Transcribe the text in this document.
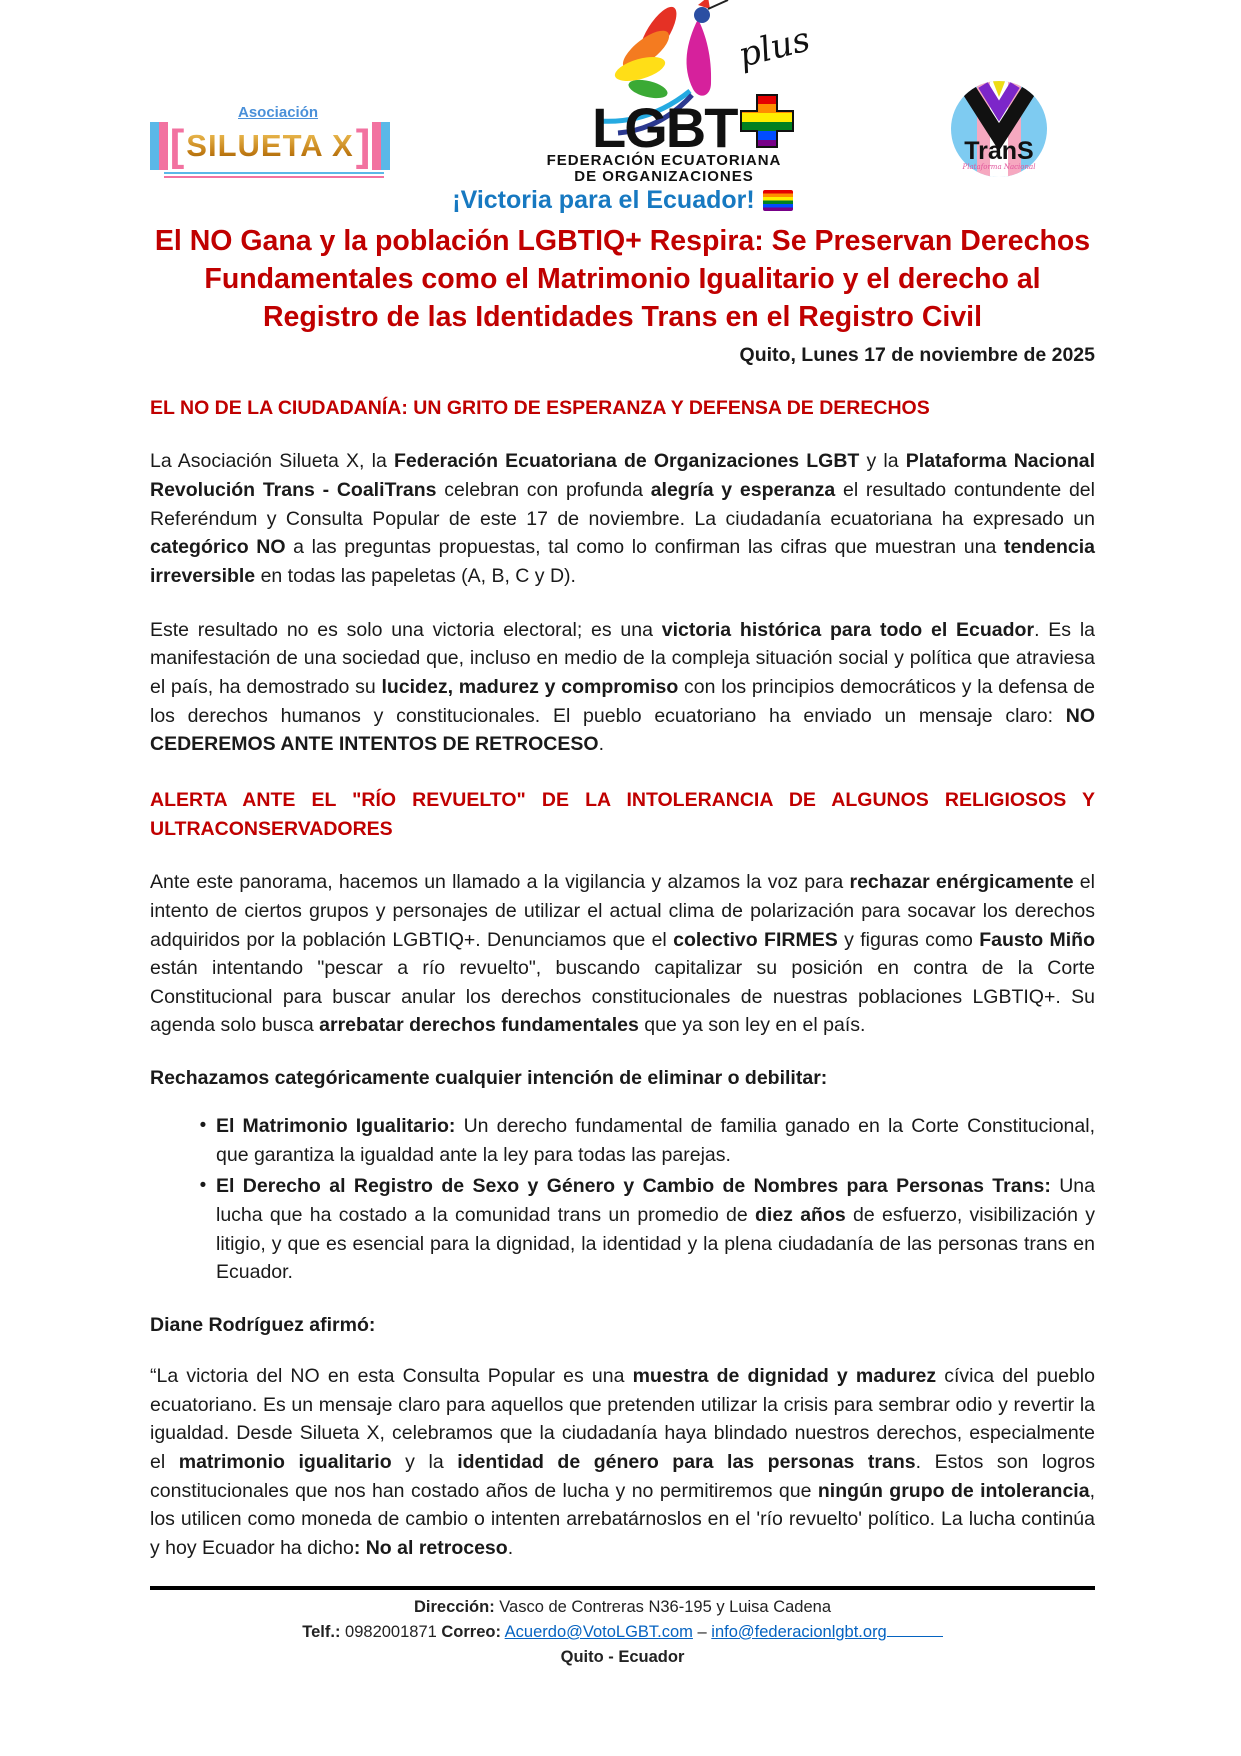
Asociación
[ SILUETA X ]	LGBT
plus
FEDERACIÓN ECUATORIANA
DE ORGANIZACIONES
TranS
Plataforma Nacional
¡Victoria para el Ecuador!
El NO Gana y la población LGBTIQ+ Respira: Se Preservan Derechos Fundamentales como el Matrimonio Igualitario y el derecho al Registro de las Identidades Trans en el Registro Civil
Quito, Lunes 17 de noviembre de 2025
EL NO DE LA CIUDADANÍA: UN GRITO DE ESPERANZA Y DEFENSA DE DERECHOS

La Asociación Silueta X, la Federación Ecuatoriana de Organizaciones LGBT y la Plataforma Nacional Revolución Trans - CoaliTrans celebran con profunda alegría y esperanza el resultado contundente del Referéndum y Consulta Popular de este 17 de noviembre. La ciudadanía ecuatoriana ha expresado un categórico NO a las preguntas propuestas, tal como lo confirman las cifras que muestran una tendencia irreversible en todas las papeletas (A, B, C y D).

Este resultado no es solo una victoria electoral; es una victoria histórica para todo el Ecuador. Es la manifestación de una sociedad que, incluso en medio de la compleja situación social y política que atraviesa el país, ha demostrado su lucidez, madurez y compromiso con los principios democráticos y la defensa de los derechos humanos y constitucionales. El pueblo ecuatoriano ha enviado un mensaje claro: NO CEDEREMOS ANTE INTENTOS DE RETROCESO.

ALERTA ANTE EL "RÍO REVUELTO" DE LA INTOLERANCIA DE ALGUNOS RELIGIOSOS Y ULTRACONSERVADORES

Ante este panorama, hacemos un llamado a la vigilancia y alzamos la voz para rechazar enérgicamente el intento de ciertos grupos y personajes de utilizar el actual clima de polarización para socavar los derechos adquiridos por la población LGBTIQ+. Denunciamos que el colectivo FIRMES y figuras como Fausto Miño están intentando "pescar a río revuelto", buscando capitalizar su posición en contra de la Corte Constitucional para buscar anular los derechos constitucionales de nuestras poblaciones LGBTIQ+. Su agenda solo busca arrebatar derechos fundamentales que ya son ley en el país.

Rechazamos categóricamente cualquier intención de eliminar o debilitar:
• El Matrimonio Igualitario: Un derecho fundamental de familia ganado en la Corte Constitucional, que garantiza la igualdad ante la ley para todas las parejas.
• El Derecho al Registro de Sexo y Género y Cambio de Nombres para Personas Trans: Una lucha que ha costado a la comunidad trans un promedio de diez años de esfuerzo, visibilización y litigio, y que es esencial para la dignidad, la identidad y la plena ciudadanía de las personas trans en Ecuador.
Diane Rodríguez afirmó:

“La victoria del NO en esta Consulta Popular es una muestra de dignidad y madurez cívica del pueblo ecuatoriano. Es un mensaje claro para aquellos que pretenden utilizar la crisis para sembrar odio y revertir la igualdad. Desde Silueta X, celebramos que la ciudadanía haya blindado nuestros derechos, especialmente el matrimonio igualitario y la identidad de género para las personas trans. Estos son logros constitucionales que nos han costado años de lucha y no permitiremos que ningún grupo de intolerancia, los utilicen como moneda de cambio o intenten arrebatárnoslos en el 'río revuelto' político. La lucha continúa y hoy Ecuador ha dicho: No al retroceso.

Dirección: Vasco de Contreras N36-195 y Luisa Cadena
Telf.: 0982001871 Correo: Acuerdo@VotoLGBT.com – info@federacionlgbt.org
Quito - Ecuador
